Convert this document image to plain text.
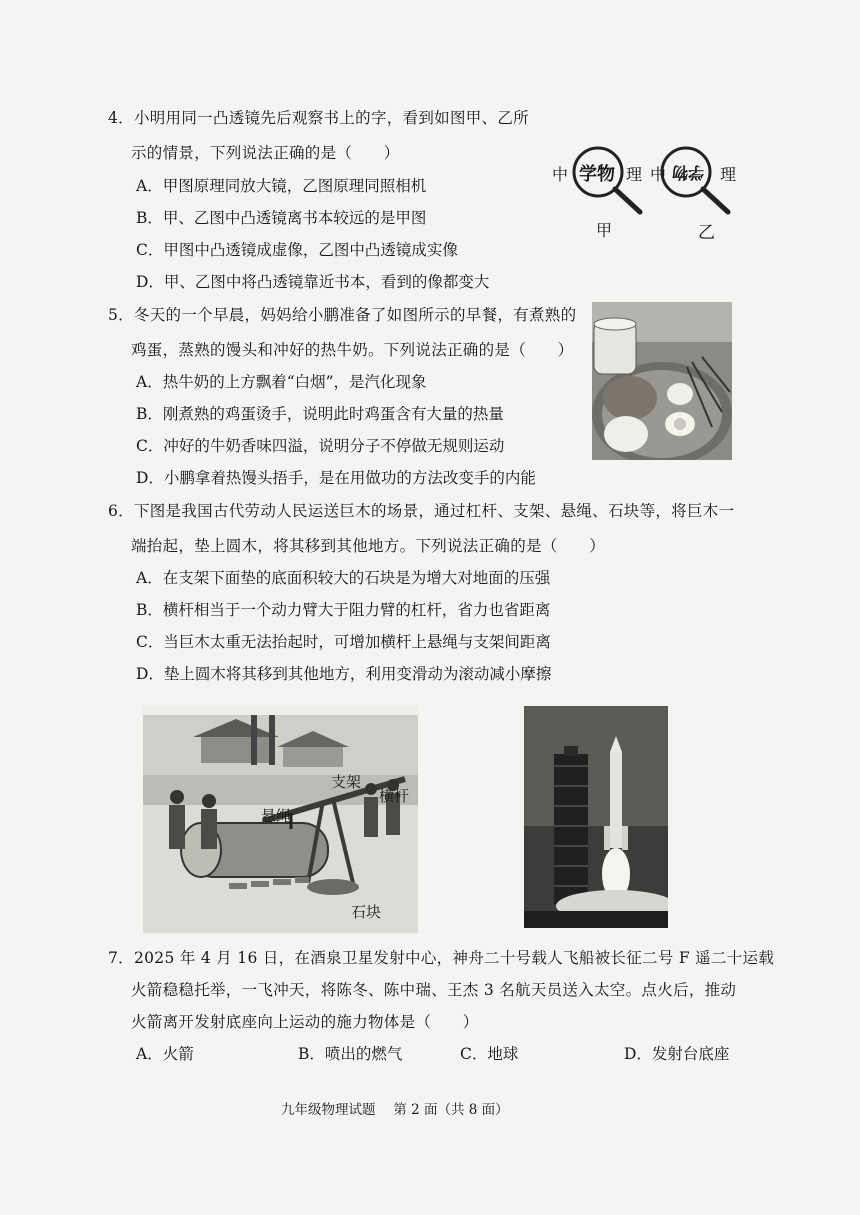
4．小明用同一凸透镜先后观察书上的字，看到如图甲、乙所
示的情景，下列说法正确的是（　　）
A．甲图原理同放大镜，乙图原理同照相机
B．甲、乙图中凸透镜离书本较远的是甲图
C．甲图中凸透镜成虚像，乙图中凸透镜成实像
D．甲、乙图中将凸透镜靠近书本，看到的像都变大
中 学物 理 中 学物 理
甲	乙
5．冬天的一个早晨，妈妈给小鹏准备了如图所示的早餐，有煮熟的
鸡蛋，蒸熟的馒头和冲好的热牛奶。下列说法正确的是（　　）
A．热牛奶的上方飘着“白烟”，是汽化现象
B．刚煮熟的鸡蛋烫手，说明此时鸡蛋含有大量的热量
C．冲好的牛奶香味四溢，说明分子不停做无规则运动
D．小鹏拿着热馒头捂手，是在用做功的方法改变手的内能
6．下图是我国古代劳动人民运送巨木的场景，通过杠杆、支架、悬绳、石块等，将巨木一
端抬起，垫上圆木，将其移到其他地方。下列说法正确的是（　　）
A．在支架下面垫的底面积较大的石块是为增大对地面的压强
B．横杆相当于一个动力臂大于阻力臂的杠杆，省力也省距离
C．当巨木太重无法抬起时，可增加横杆上悬绳与支架间距离
D．垫上圆木将其移到其他地方，利用变滑动为滚动减小摩擦
支架
横杆
悬绳
石块
7．2025 年 4 月 16 日，在酒泉卫星发射中心，神舟二十号载人飞船被长征二号 F 遥二十运载
火箭稳稳托举，一飞冲天，将陈冬、陈中瑞、王杰 3 名航天员送入太空。点火后，推动
火箭离开发射底座向上运动的施力物体是（　　）
A．火箭	B．喷出的燃气	C．地球	D．发射台底座
九年级物理试题　 第 2 面（共 8 面）
